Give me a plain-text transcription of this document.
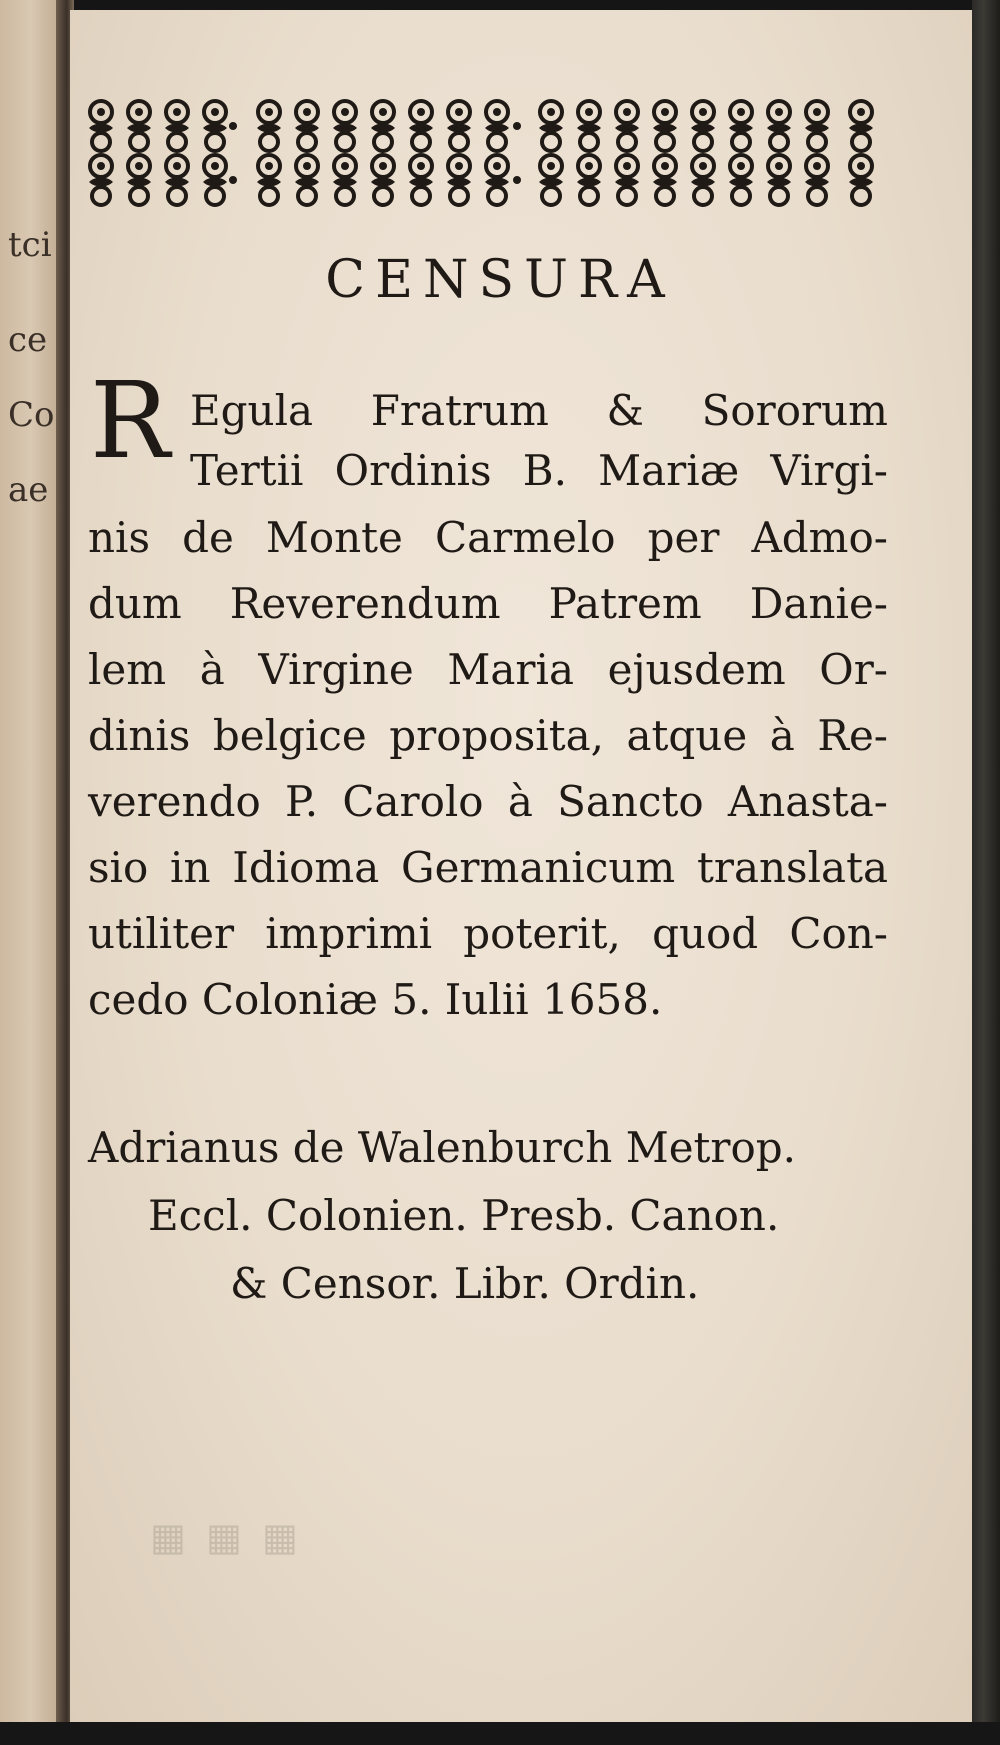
tci
ce
Co
ae
CENSURA
R Egula Fratrum & Sororum
Tertii Ordinis B. Mariæ Virgi-
nis de Monte Carmelo per Admo-
dum Reverendum Patrem Danie-
lem à Virgine Maria ejusdem Or-
dinis belgice proposita, atque à Re-
verendo P. Carolo à Sancto Anasta-
sio in Idioma Germanicum translata
utiliter imprimi poterit, quod Con-
cedo Coloniæ 5. Iulii 1658.
Adrianus de Walenburch Metrop.
Eccl. Colonien. Presb. Canon.
& Censor. Libr. Ordin.
▦ ▦ ▦
